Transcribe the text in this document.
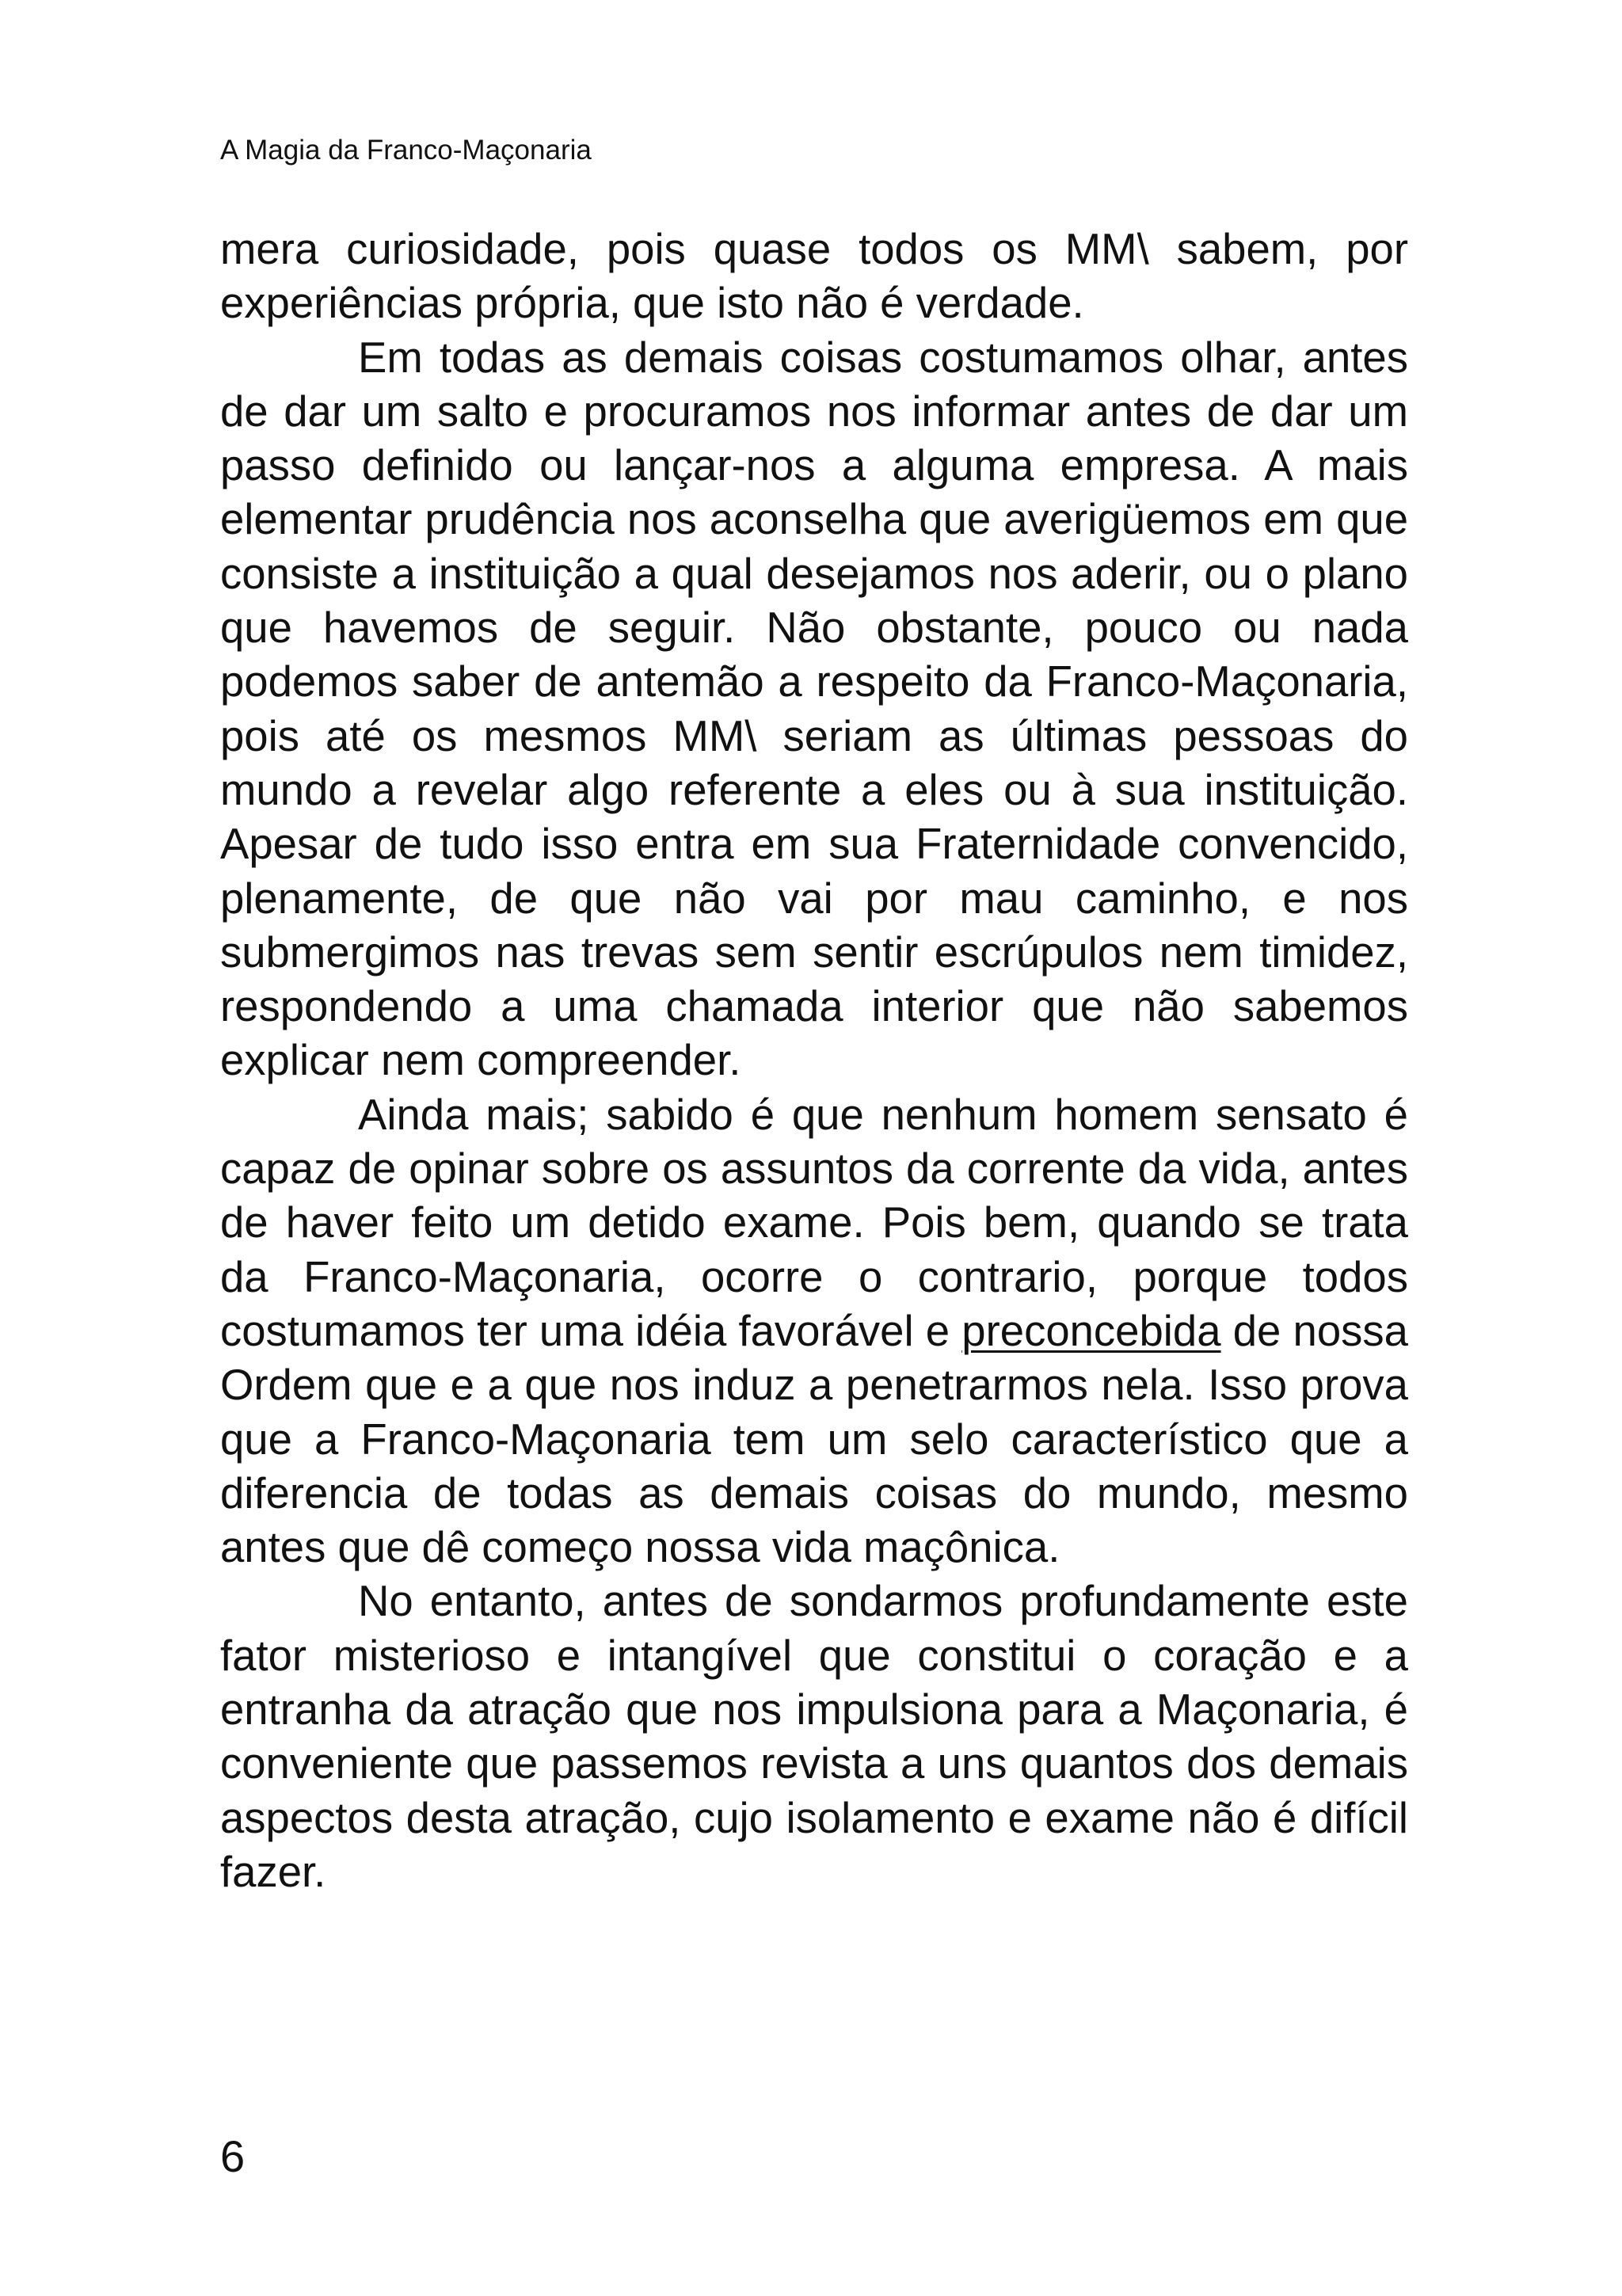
A Magia da Franco-Maçonaria

mera curiosidade, pois quase todos os MM\ sabem, por experiências própria, que isto não é verdade.

Em todas as demais coisas costumamos olhar, antes de dar um salto e procuramos nos informar antes de dar um passo definido ou lançar-nos a alguma empresa. A mais elementar prudência nos aconselha que averigüemos em que consiste a instituição a qual desejamos nos aderir, ou o plano que havemos de seguir. Não obstante, pouco ou nada podemos saber de antemão a respeito da Franco-Maçonaria, pois até os mesmos MM\ seriam as últimas pessoas do mundo a revelar algo referente a eles ou à sua instituição. Apesar de tudo isso entra em sua Fraternidade convencido, plenamente, de que não vai por mau caminho, e nos submergimos nas trevas sem sentir escrúpulos nem timidez, respondendo a uma chamada interior que não sabemos explicar nem compreender.

Ainda mais; sabido é que nenhum homem sensato é capaz de opinar sobre os assuntos da corrente da vida, antes de haver feito um detido exame. Pois bem, quando se trata da Franco-Maçonaria, ocorre o contrario, porque todos costumamos ter uma idéia favorável e preconcebida de nossa Ordem que e a que nos induz a penetrarmos nela. Isso prova que a Franco-Maçonaria tem um selo característico que a diferencia de todas as demais coisas do mundo, mesmo antes que dê começo nossa vida maçônica.

No entanto, antes de sondarmos profundamente este fator misterioso e intangível que constitui o coração e a entranha da atração que nos impulsiona para a Maçonaria, é conveniente que passemos revista a uns quantos dos demais aspectos desta atração, cujo isolamento e exame não é difícil fazer.

6
